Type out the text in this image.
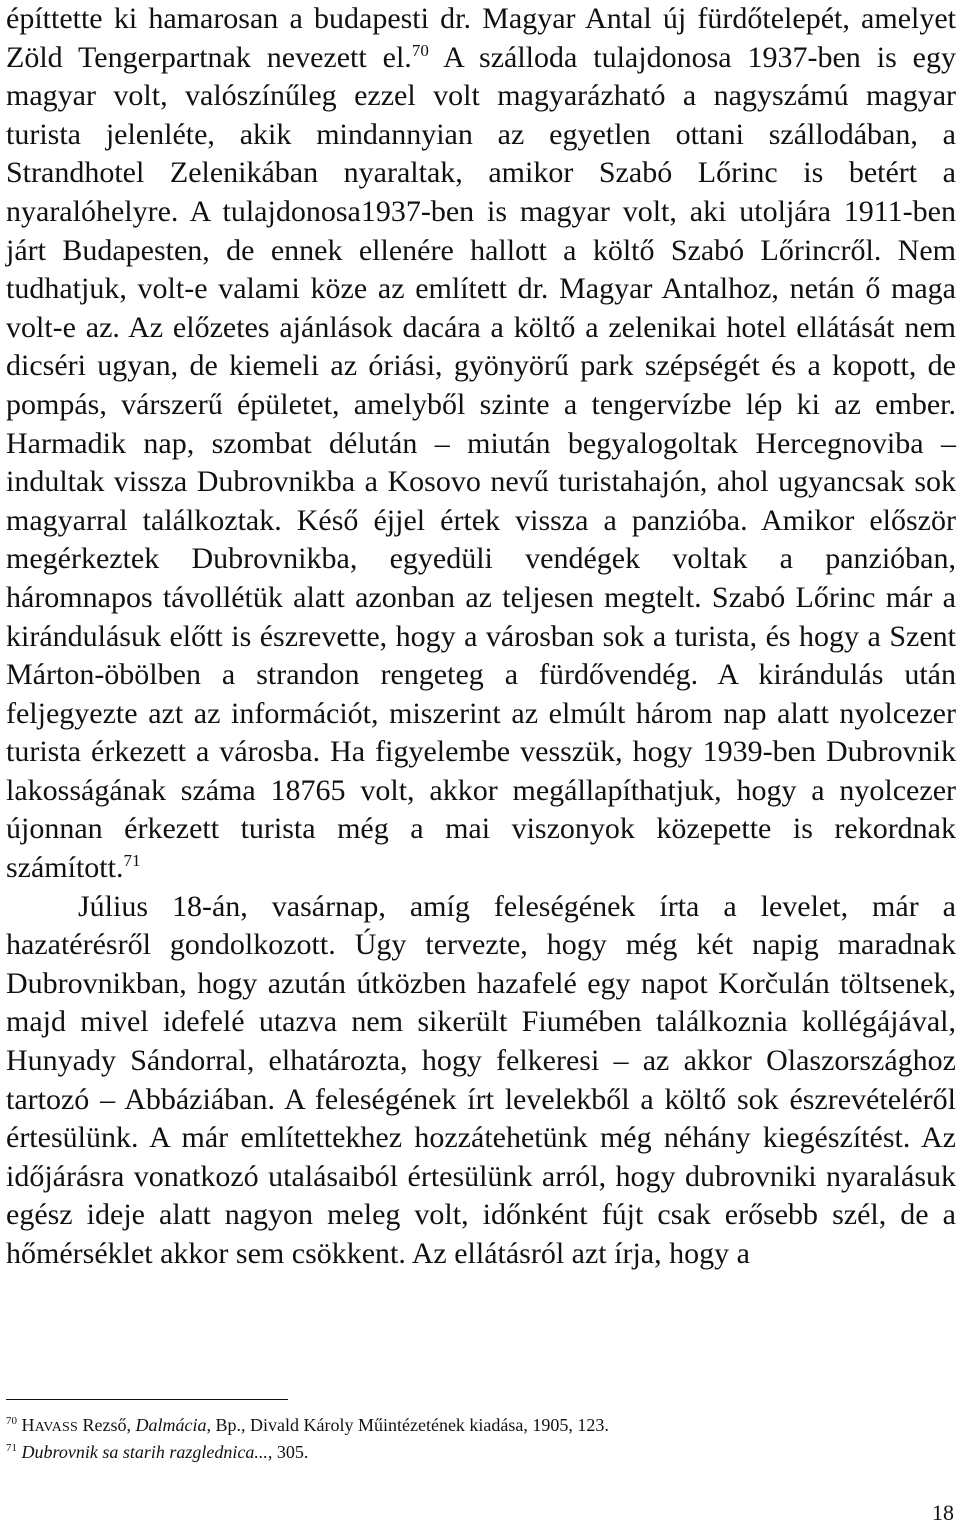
építtette ki hamarosan a budapesti dr. Magyar Antal új fürdőtelepét, amelyet Zöld Tengerpartnak nevezett el.$^{70}$ A szálloda tulajdonosa 1937-ben is egy magyar volt, valószínűleg ezzel volt magyarázható a nagyszámú magyar turista jelenléte, akik mindannyian az egyetlen ottani szállodában, a Strandhotel Zelenikában nyaraltak, amikor Szabó Lőrinc is betért a nyaralóhelyre. A tulajdonosa1937-ben is magyar volt, aki utoljára 1911-ben járt Budapesten, de ennek ellenére hallott a költő Szabó Lőrincről. Nem tudhatjuk, volt-e valami köze az említett dr. Magyar Antalhoz, netán ő maga volt-e az. Az előzetes ajánlások dacára a költő a zelenikai hotel ellátását nem dicséri ugyan, de kiemeli az óriási, gyönyörű park szépségét és a kopott, de pompás, várszerű épületet, amelyből szinte a tengervízbe lép ki az ember. Harmadik nap, szombat délután – miután begyalogoltak Hercegnoviba – indultak vissza Dubrovnikba a Kosovo nevű turistahajón, ahol ugyancsak sok magyarral találkoztak. Késő éjjel értek vissza a panzióba. Amikor először megérkeztek Dubrovnikba, egyedüli vendégek voltak a panzióban, háromnapos távollétük alatt azonban az teljesen megtelt. Szabó Lőrinc már a kirándulásuk előtt is észrevette, hogy a városban sok a turista, és hogy a Szent Márton-öbölben a strandon rengeteg a fürdővendég. A kirándulás után feljegyezte azt az információt, miszerint az elmúlt három nap alatt nyolcezer turista érkezett a városba. Ha figyelembe vesszük, hogy 1939-ben Dubrovnik lakosságának száma 18765 volt, akkor megállapíthatjuk, hogy a nyolcezer újonnan érkezett turista még a mai viszonyok közepette is rekordnak számított.$^{71}$

Július 18-án, vasárnap, amíg feleségének írta a levelet, már a hazatérésről gondolkozott. Úgy tervezte, hogy még két napig maradnak Dubrovnikban, hogy azután útközben hazafelé egy napot Korčulán töltsenek, majd mivel idefelé utazva nem sikerült Fiumében találkoznia kollégájával, Hunyady Sándorral, elhatározta, hogy felkeresi – az akkor Olaszországhoz tartozó – Abbáziában. A feleségének írt levelekből a költő sok észrevételéről értesülünk. A már említettekhez hozzátehetünk még néhány kiegészítést. Az időjárásra vonatkozó utalásaiból értesülünk arról, hogy dubrovniki nyaralásuk egész ideje alatt nagyon meleg volt, időnként fújt csak erősebb szél, de a hőmérséklet akkor sem csökkent. Az ellátásról azt írja, hogy a

$^{70}$ HAVASS Rezső, Dalmácia, Bp., Divald Károly Műintézetének kiadása, 1905, 123.
$^{71}$ Dubrovnik sa starih razglednica..., 305.
18
